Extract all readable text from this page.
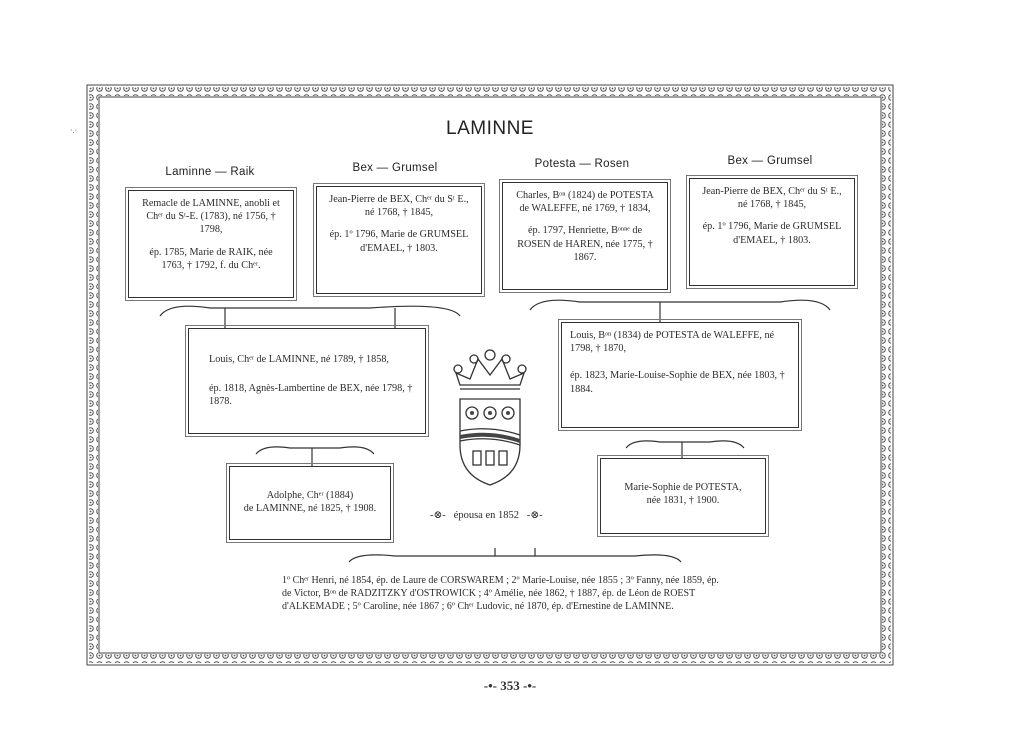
LAMINNE
Laminne — Raik	Bex — Grumsel	Potesta — Rosen	Bex — Grumsel

Remacle de LAMINNE, anobli et Chᵉʳ du Sᵗ-E. (1783), né 1756, † 1798,

ép. 1785, Marie de RAIK, née 1763, † 1792, f. du Chᵉʳ.

Jean-Pierre de BEX, Chᵉʳ du Sᵗ E., né 1768, † 1845,

ép. 1º 1796, Marie de GRUMSEL d'EMAEL, † 1803.

Charles, Bᵒⁿ (1824) de POTESTA de WALEFFE, né 1769, † 1834,

ép. 1797, Henriette, Bᵒⁿⁿᵉ de ROSEN de HAREN, née 1775, † 1867.

Jean-Pierre de BEX, Chᵉʳ du Sᵗ E., né 1768, † 1845,

ép. 1º 1796, Marie de GRUMSEL d'EMAEL, † 1803.

Louis, Chᵉʳ de LAMINNE, né 1789, † 1858,

ép. 1818, Agnès-Lambertine de BEX, née 1798, † 1878.

Louis, Bᵒⁿ (1834) de POTESTA de WALEFFE, né 1798, † 1870,

ép. 1823, Marie-Louise-Sophie de BEX, née 1803, † 1884.

Adolphe, Chᵉʳ (1884)

de LAMINNE, né 1825, † 1908.

Marie-Sophie de POTESTA,

née 1831, † 1900.

-⊗- épousa en 1852 -⊗-
1º Chᵉʳ Henri, né 1854, ép. de Laure de CORSWAREM ; 2º Marie-Louise, née 1855 ; 3º Fanny, née 1859, ép. de Victor, Bᵒⁿ de RADZITZKY d'OSTROWICK ; 4º Amélie, née 1862, † 1887, ép. de Léon de ROEST d'ALKEMADE ; 5º Caroline, née 1867 ; 6º Chᵉʳ Ludovic, né 1870, ép. d'Ernestine de LAMINNE.
·.·
-•- 353 -•-
